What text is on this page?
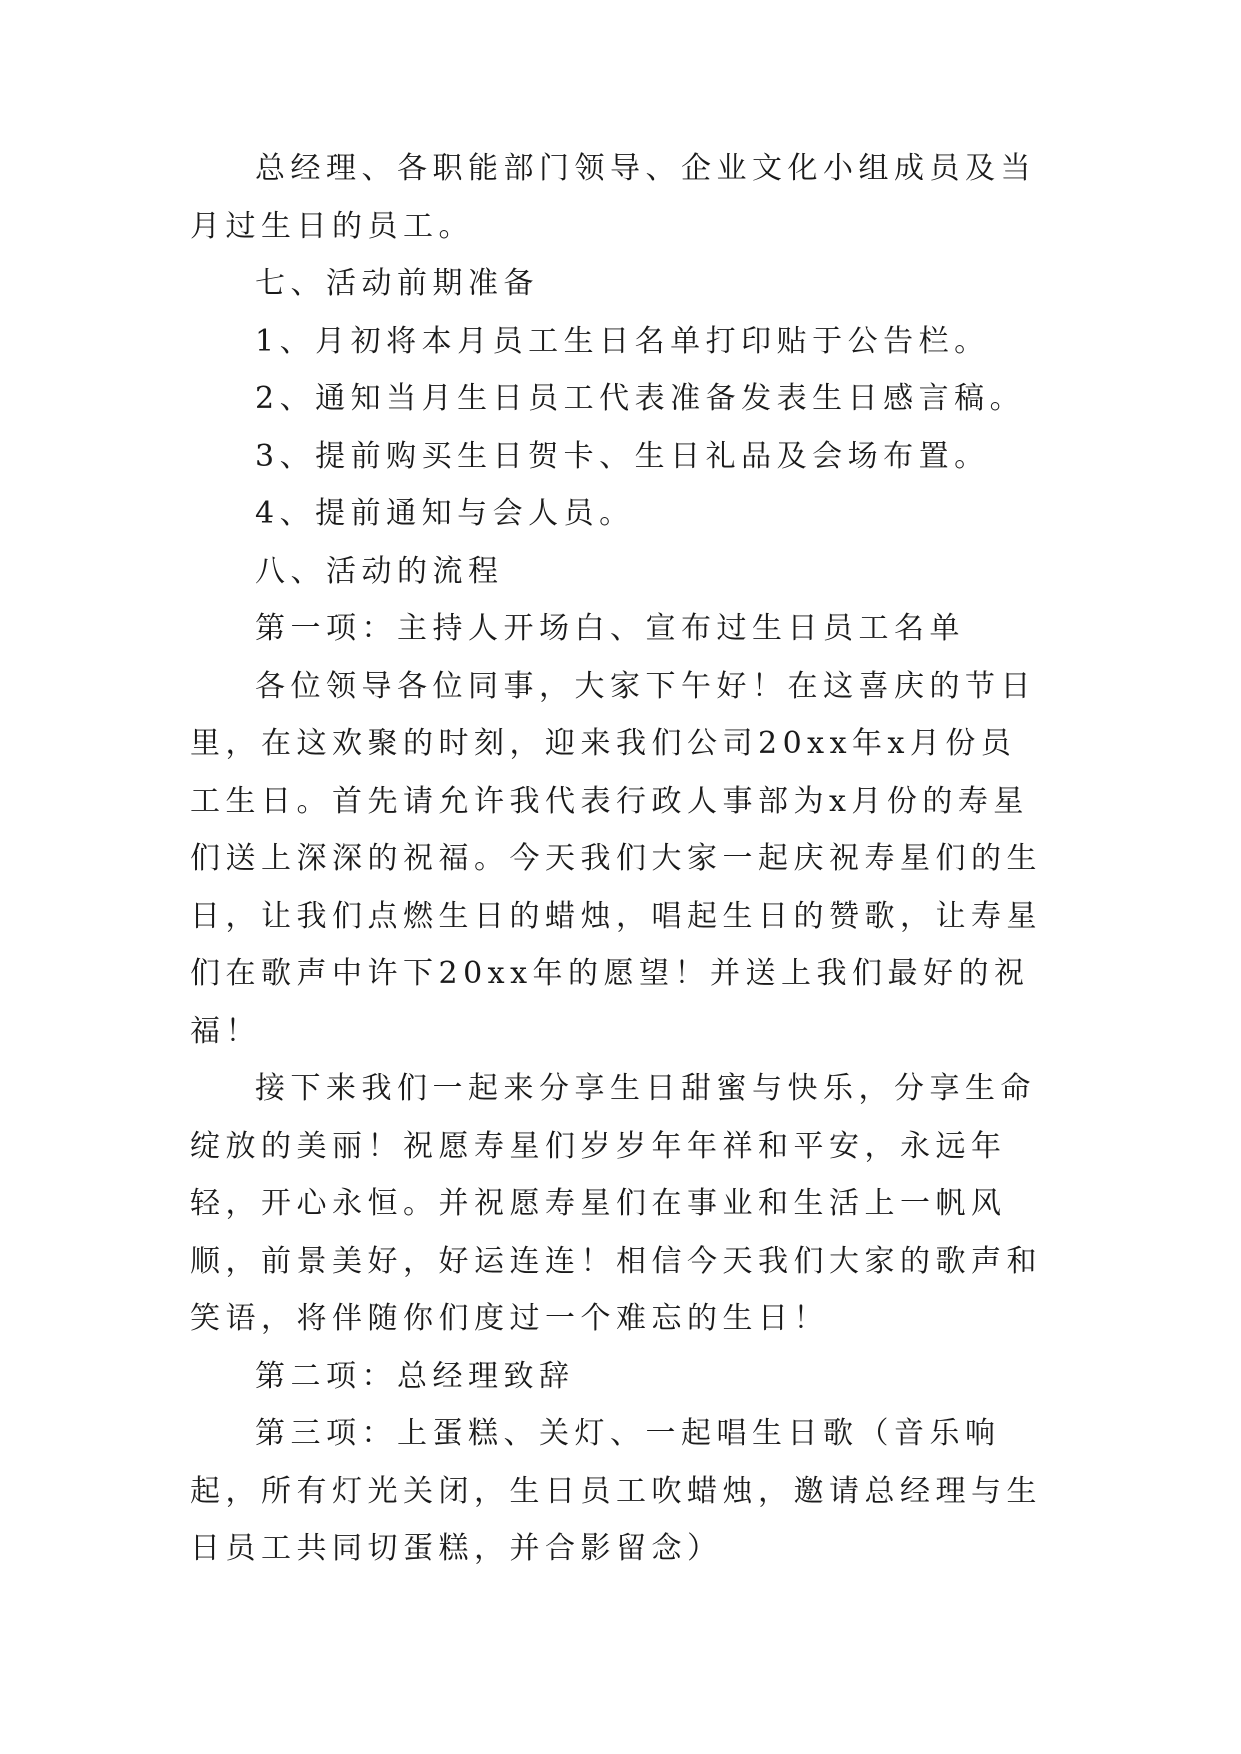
总经理、各职能部门领导、企业文化小组成员及当月过生日的员工。

七、活动前期准备

1、月初将本月员工生日名单打印贴于公告栏。

2、通知当月生日员工代表准备发表生日感言稿。

3、提前购买生日贺卡、生日礼品及会场布置。

4、提前通知与会人员。

八、活动的流程

第一项：主持人开场白、宣布过生日员工名单

各位领导各位同事，大家下午好！在这喜庆的节日里，在这欢聚的时刻，迎来我们公司20xx年x月份员工生日。首先请允许我代表行政人事部为x月份的寿星们送上深深的祝福。今天我们大家一起庆祝寿星们的生日，让我们点燃生日的蜡烛，唱起生日的赞歌，让寿星们在歌声中许下20xx年的愿望！并送上我们最好的祝福！

接下来我们一起来分享生日甜蜜与快乐，分享生命绽放的美丽！祝愿寿星们岁岁年年祥和平安，永远年轻，开心永恒。并祝愿寿星们在事业和生活上一帆风顺，前景美好，好运连连！相信今天我们大家的歌声和笑语，将伴随你们度过一个难忘的生日！

第二项：总经理致辞

第三项：上蛋糕、关灯、一起唱生日歌（音乐响起，所有灯光关闭，生日员工吹蜡烛，邀请总经理与生日员工共同切蛋糕，并合影留念）
